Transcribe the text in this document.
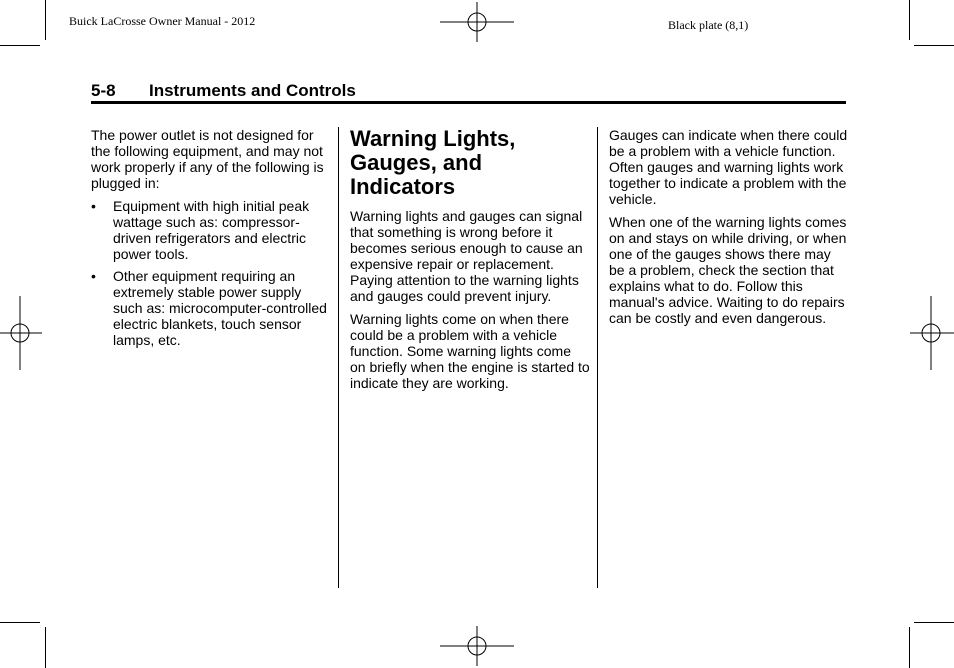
Buick LaCrosse Owner Manual - 2012	Black plate (8,1)
5-8 Instruments and Controls

The power outlet is not designed for the following equipment, and may not work properly if any of the following is plugged in:

• Equipment with high initial peak wattage such as: compressor-driven refrigerators and electric power tools.
• Other equipment requiring an extremely stable power supply such as: microcomputer-controlled electric blankets, touch sensor lamps, etc.
Warning Lights, Gauges, and Indicators

Warning lights and gauges can signal that something is wrong before it becomes serious enough to cause an expensive repair or replacement. Paying attention to the warning lights and gauges could prevent injury.

Warning lights come on when there could be a problem with a vehicle function. Some warning lights come on briefly when the engine is started to indicate they are working.

Gauges can indicate when there could be a problem with a vehicle function. Often gauges and warning lights work together to indicate a problem with the vehicle.

When one of the warning lights comes on and stays on while driving, or when one of the gauges shows there may be a problem, check the section that explains what to do. Follow this manual's advice. Waiting to do repairs can be costly and even dangerous.
